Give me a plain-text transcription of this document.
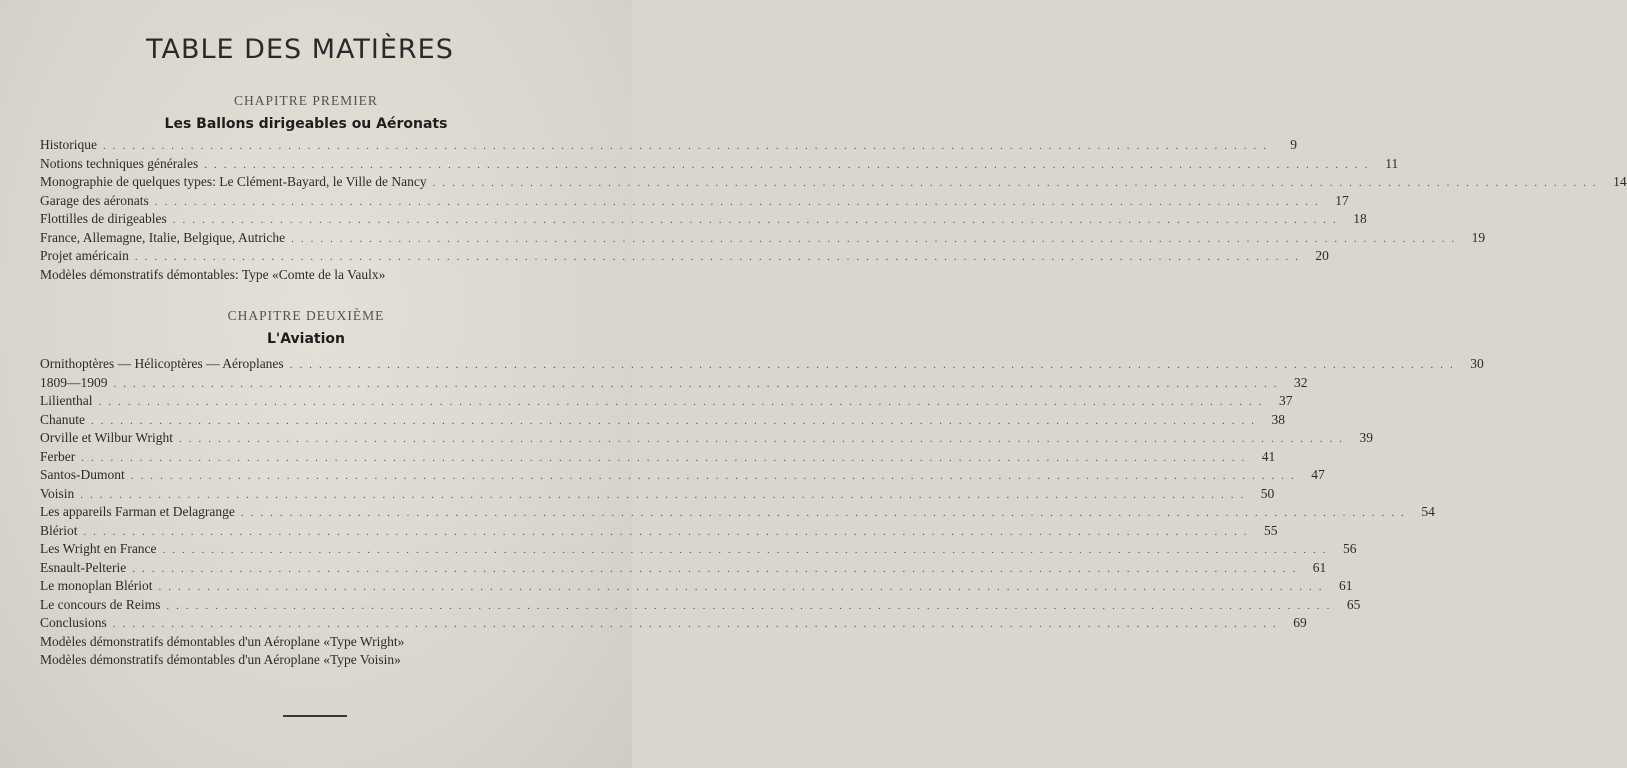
TABLE DES MATIÈRES
CHAPITRE PREMIER
Les Ballons dirigeables ou Aéronats
Historique ........................................................................................................................	9
Notions techniques générales ........................................................................................................................ 11
Monographie de quelques types: Le Clément-Bayard, le Ville de Nancy ........................................................................................................................ 14
Garage des aéronats ........................................................................................................................ 17
Flottilles de dirigeables ........................................................................................................................ 18
France, Allemagne, Italie, Belgique, Autriche ........................................................................................................................ 19
Projet américain ........................................................................................................................ 20
Modèles démonstratifs démontables: Type «Comte de la Vaulx»
CHAPITRE DEUXIÈME
L'Aviation
Ornithoptères — Hélicoptères — Aéroplanes ........................................................................................................................ 30
1809—1909 ........................................................................................................................ 32
Lilienthal ........................................................................................................................ 37
Chanute ........................................................................................................................ 38
Orville et Wilbur Wright ........................................................................................................................ 39
Ferber ........................................................................................................................ 41
Santos-Dumont ........................................................................................................................ 47
Voisin ........................................................................................................................ 50
Les appareils Farman et Delagrange ........................................................................................................................ 54
Blériot ........................................................................................................................ 55
Les Wright en France ........................................................................................................................ 56
Esnault-Pelterie ........................................................................................................................ 61
Le monoplan Blériot ........................................................................................................................ 61
Le concours de Reims ........................................................................................................................ 65
Conclusions ........................................................................................................................ 69
Modèles démonstratifs démontables d'un Aéroplane «Type Wright»
Modèles démonstratifs démontables d'un Aéroplane «Type Voisin»
